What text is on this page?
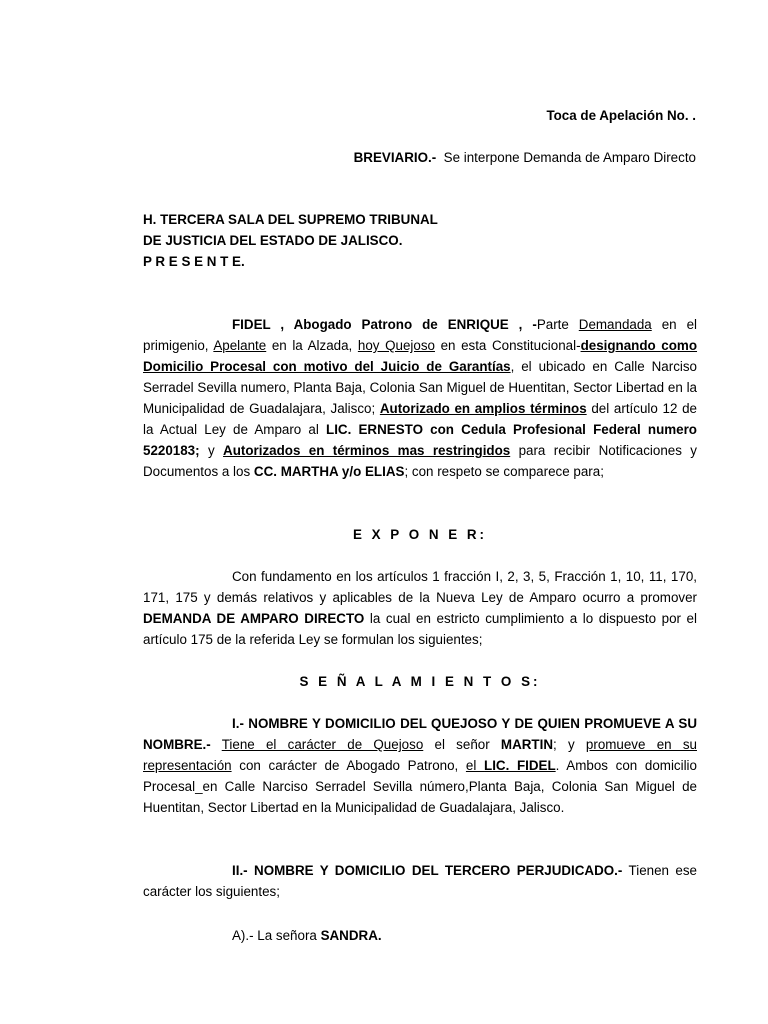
Toca de Apelación No. .
BREVIARIO.- Se interpone Demanda de Amparo Directo
H. TERCERA SALA DEL SUPREMO TRIBUNAL
DE JUSTICIA DEL ESTADO DE JALISCO.
P R E S E N T E.
FIDEL , Abogado Patrono de ENRIQUE , -Parte Demandada en el primigenio, Apelante en la Alzada, hoy Quejoso en esta Constitucional-designando como Domicilio Procesal con motivo del Juicio de Garantías, el ubicado en Calle Narciso Serradel Sevilla numero, Planta Baja, Colonia San Miguel de Huentitan, Sector Libertad en la Municipalidad de Guadalajara, Jalisco; Autorizado en amplios términos del artículo 12 de la Actual Ley de Amparo al LIC. ERNESTO con Cedula Profesional Federal numero 5220183; y Autorizados en términos mas restringidos para recibir Notificaciones y Documentos a los CC. MARTHA y/o ELIAS; con respeto se comparece para;
E X P O N E R:
Con fundamento en los artículos 1 fracción I, 2, 3, 5, Fracción 1, 10, 11, 170, 171, 175 y demás relativos y aplicables de la Nueva Ley de Amparo ocurro a promover DEMANDA DE AMPARO DIRECTO la cual en estricto cumplimiento a lo dispuesto por el artículo 175 de la referida Ley se formulan los siguientes;
S E Ñ A L A M I E N T O S:
I.- NOMBRE Y DOMICILIO DEL QUEJOSO Y DE QUIEN PROMUEVE A SU NOMBRE.- Tiene el carácter de Quejoso el señor MARTIN; y promueve en su representación con carácter de Abogado Patrono, el LIC. FIDEL. Ambos con domicilio Procesal_en Calle Narciso Serradel Sevilla número,Planta Baja, Colonia San Miguel de Huentitan, Sector Libertad en la Municipalidad de Guadalajara, Jalisco.
II.- NOMBRE Y DOMICILIO DEL TERCERO PERJUDICADO.- Tienen ese carácter los siguientes;
A).- La señora SANDRA.
